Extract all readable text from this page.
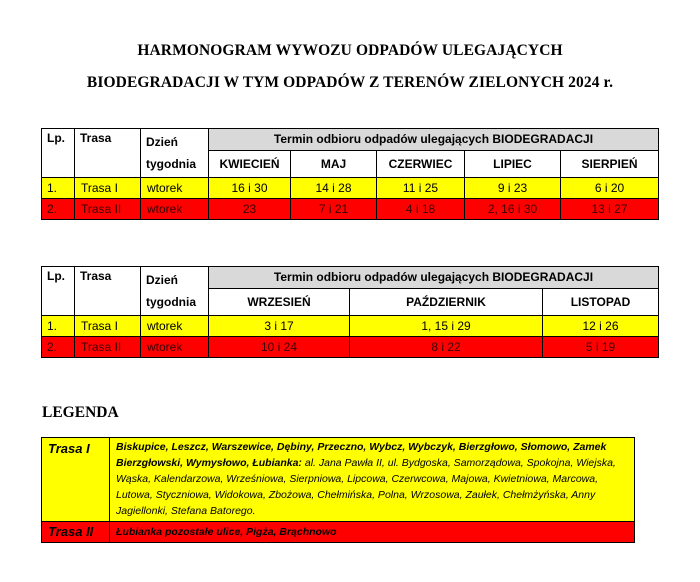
HARMONOGRAM WYWOZU ODPADÓW ULEGAJĄCYCH
BIODEGRADACJI W TYM ODPADÓW Z TERENÓW ZIELONYCH 2024 r.
Lp.	Trasa	Dzień
tygodnia	Termin odbioru odpadów ulegających BIODEGRADACJI				
			KWIECIEŃ	MAJ	CZERWIEC	LIPIEC	SIERPIEŃ
1.	Trasa I	wtorek	16 i 30	14 i 28	11 i 25	9 i 23	6 i 20
2.	Trasa II	wtorek	23	7 i 21	4 i 18	2, 16 i 30	13 i 27
Lp.	Trasa	Dzień
tygodnia	Termin odbioru odpadów ulegających BIODEGRADACJI		
			WRZESIEŃ	PAŹDZIERNIK	LISTOPAD
1.	Trasa I	wtorek	3 i 17	1, 15 i 29	12 i 26
2.	Trasa II	wtorek	10 i 24	8 i 22	5 i 19
LEGENDA
Trasa I	Biskupice, Leszcz, Warszewice, Dębiny, Przeczno, Wybcz, Wybczyk, Bierzgłowo, Słomowo, Zamek Bierzgłowski, Wymysłowo, Łubianka: al. Jana Pawła II, ul. Bydgoska, Samorządowa, Spokojna, Wiejska, Wąska, Kalendarzowa, Wrześniowa, Sierpniowa, Lipcowa, Czerwcowa, Majowa, Kwietniowa, Marcowa, Lutowa, Styczniowa, Widokowa, Zbożowa, Chełmińska, Polna, Wrzosowa, Zaułek, Chełmżyńska, Anny Jagiellonki, Stefana Batorego.
Trasa II	Łubianka pozostałe ulice, Pigża, Brąchnowo
